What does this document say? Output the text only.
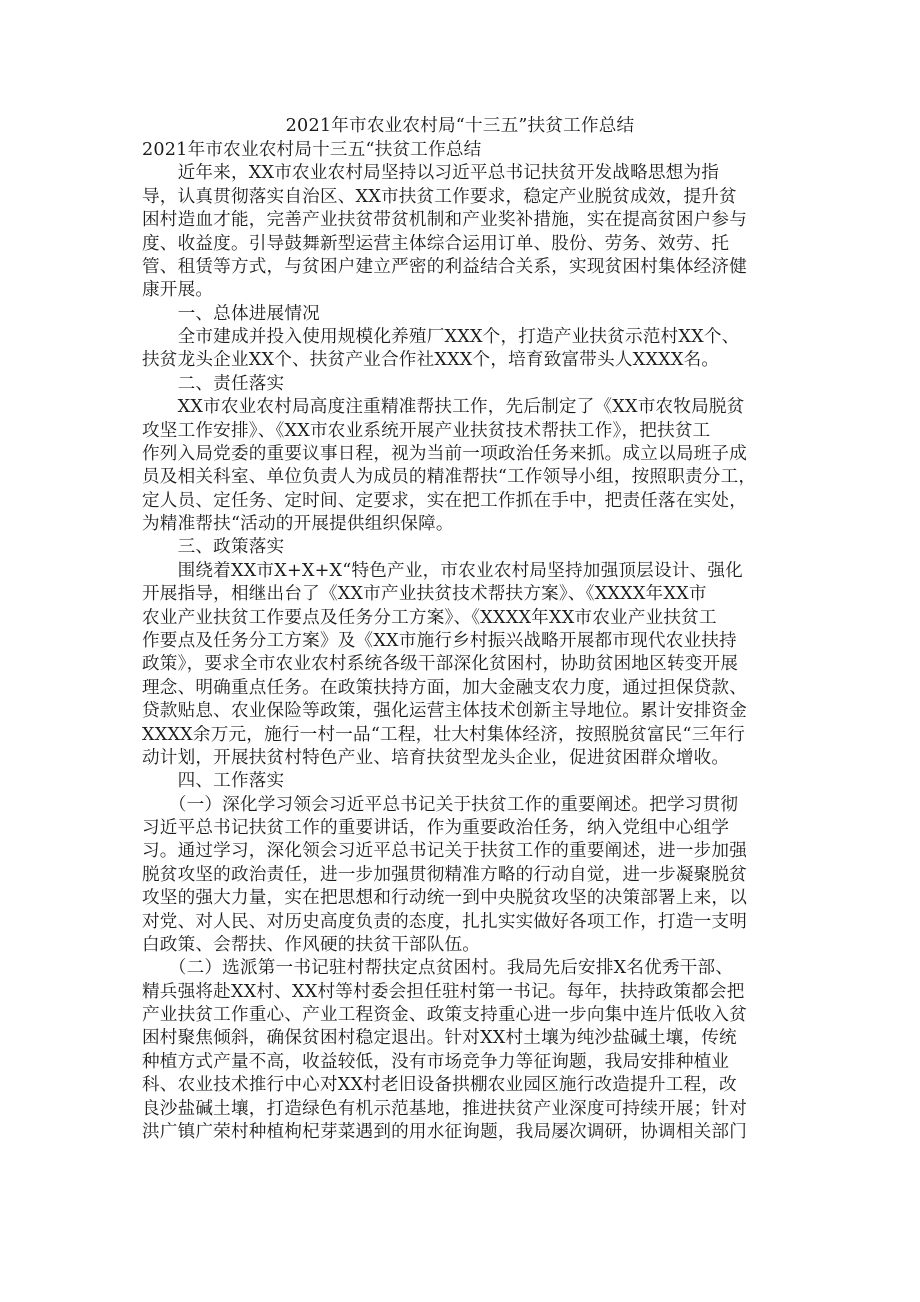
2021年市农业农村局“十三五”扶贫工作总结
2021年市农业农村局十三五“扶贫工作总结
　　近年来，XX市农业农村局坚持以习近平总书记扶贫开发战略思想为指
导，认真贯彻落实自治区、XX市扶贫工作要求，稳定产业脱贫成效，提升贫
困村造血才能，完善产业扶贫带贫机制和产业奖补措施，实在提高贫困户参与
度、收益度。引导鼓舞新型运营主体综合运用订单、股份、劳务、效劳、托
管、租赁等方式，与贫困户建立严密的利益结合关系，实现贫困村集体经济健
康开展。
　　一、总体进展情况
　　全市建成并投入使用规模化养殖厂XXX个，打造产业扶贫示范村XX个、
扶贫龙头企业XX个、扶贫产业合作社XXX个，培育致富带头人XXXX名。
　　二、责任落实
　　XX市农业农村局高度注重精准帮扶工作，先后制定了《XX市农牧局脱贫
攻坚工作安排》、《XX市农业系统开展产业扶贫技术帮扶工作》，把扶贫工
作列入局党委的重要议事日程，视为当前一项政治任务来抓。成立以局班子成
员及相关科室、单位负责人为成员的精准帮扶“工作领导小组，按照职责分工，
定人员、定任务、定时间、定要求，实在把工作抓在手中，把责任落在实处，
为精准帮扶“活动的开展提供组织保障。
　　三、政策落实
　　围绕着XX市X+X+X“特色产业，市农业农村局坚持加强顶层设计、强化
开展指导，相继出台了《XX市产业扶贫技术帮扶方案》、《XXXX年XX市
农业产业扶贫工作要点及任务分工方案》、《XXXX年XX市农业产业扶贫工
作要点及任务分工方案》及《XX市施行乡村振兴战略开展都市现代农业扶持
政策》，要求全市农业农村系统各级干部深化贫困村，协助贫困地区转变开展
理念、明确重点任务。在政策扶持方面，加大金融支农力度，通过担保贷款、
贷款贴息、农业保险等政策，强化运营主体技术创新主导地位。累计安排资金
XXXX余万元，施行一村一品“工程，壮大村集体经济，按照脱贫富民“三年行
动计划，开展扶贫村特色产业、培育扶贫型龙头企业，促进贫困群众增收。
　　四、工作落实
　　（一）深化学习领会习近平总书记关于扶贫工作的重要阐述。把学习贯彻
习近平总书记扶贫工作的重要讲话，作为重要政治任务，纳入党组中心组学
习。通过学习，深化领会习近平总书记关于扶贫工作的重要阐述，进一步加强
脱贫攻坚的政治责任，进一步加强贯彻精准方略的行动自觉，进一步凝聚脱贫
攻坚的强大力量，实在把思想和行动统一到中央脱贫攻坚的决策部署上来，以
对党、对人民、对历史高度负责的态度，扎扎实实做好各项工作，打造一支明
白政策、会帮扶、作风硬的扶贫干部队伍。
　　（二）选派第一书记驻村帮扶定点贫困村。我局先后安排X名优秀干部、
精兵强将赴XX村、XX村等村委会担任驻村第一书记。每年，扶持政策都会把
产业扶贫工作重心、产业工程资金、政策支持重心进一步向集中连片低收入贫
困村聚焦倾斜，确保贫困村稳定退出。针对XX村土壤为纯沙盐碱土壤，传统
种植方式产量不高，收益较低，没有市场竞争力等征询题，我局安排种植业
科、农业技术推行中心对XX村老旧设备拱棚农业园区施行改造提升工程，改
良沙盐碱土壤，打造绿色有机示范基地，推进扶贫产业深度可持续开展；针对
洪广镇广荣村种植枸杞芽菜遇到的用水征询题，我局屡次调研，协调相关部门
